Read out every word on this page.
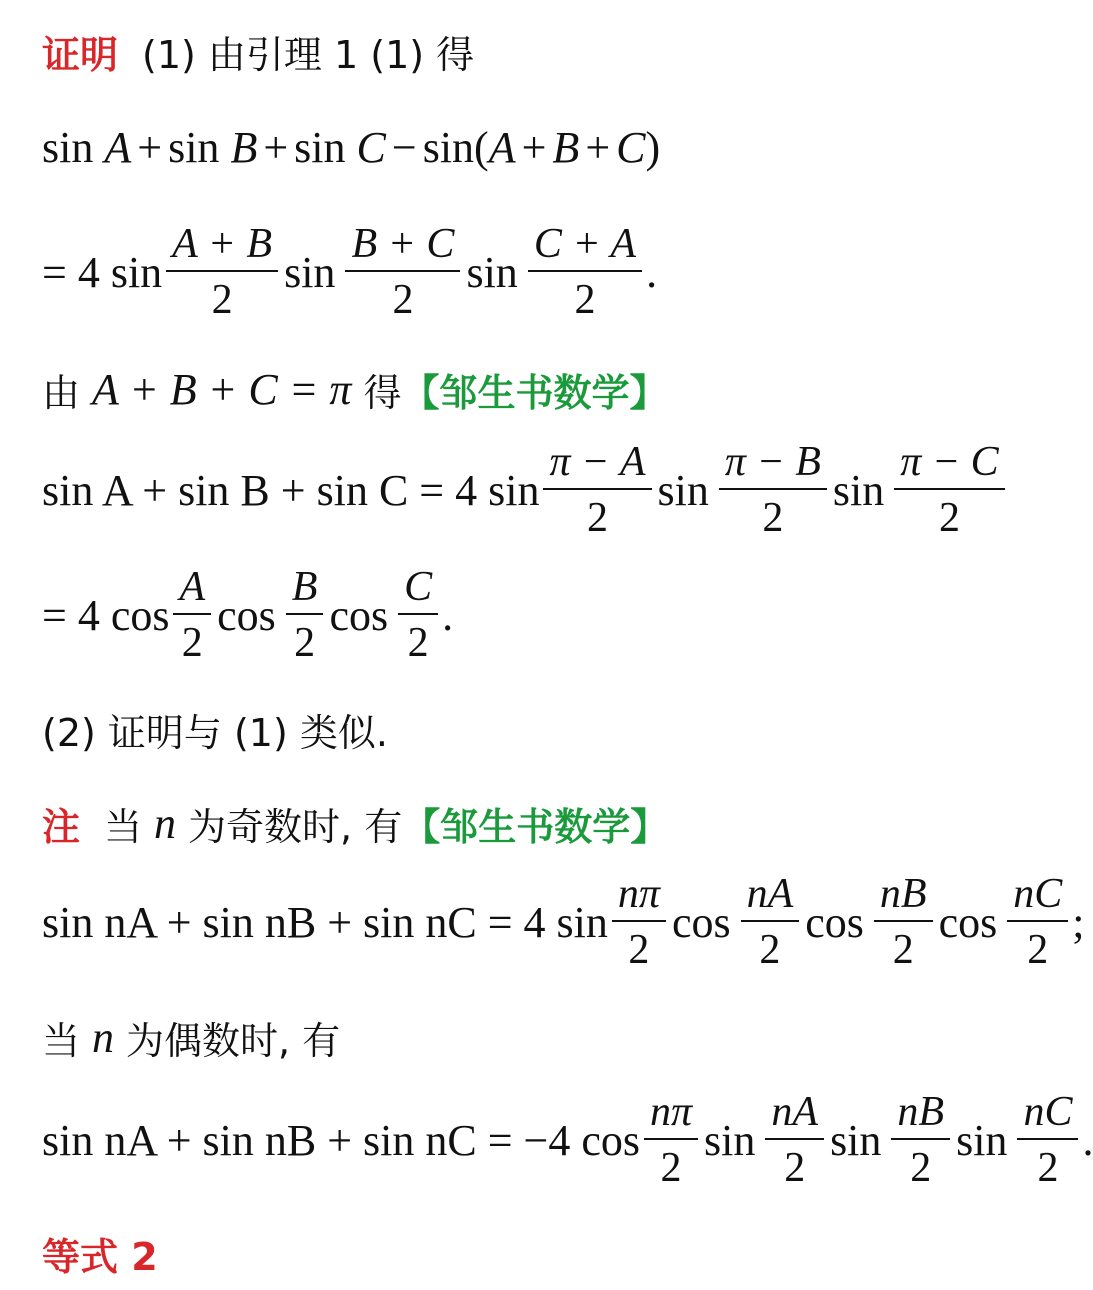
证明 (1) 由引理 1 (1) 得
sin
A + sin
B + sin
C − sin( A + B + C )
= 4 $\sin \frac{A + B}{2}$ $\sin \frac{B + C}{2}$ $\sin \frac{C + A}{2}$ .
由 A + B + C = π 得 【邹生书数学】
sin A + sin B + sin C = 4 $\sin \frac{\pi - A}{2}$ $\sin \frac{\pi - B}{2}$ $\sin \frac{\pi - C}{2}$
= 4 $\cos \frac{A}{2}$ $\cos \frac{B}{2}$ $\cos \frac{C}{2}$ .
(2) 证明与 (1) 类似.
注 当 n 为奇数时, 有 【邹生书数学】
sin nA + sin nB + sin nC = 4 $\sin \frac{n\pi}{2}$ $\cos \frac{nA}{2}$ $\cos \frac{nB}{2}$ $\cos \frac{nC}{2}$ ;
当 n 为偶数时, 有
sin nA + sin nB + sin nC = −4 $\cos \frac{n\pi}{2}$ $\sin \frac{nA}{2}$ $\sin \frac{nB}{2}$ $\sin \frac{nC}{2}$ .
等式 2
